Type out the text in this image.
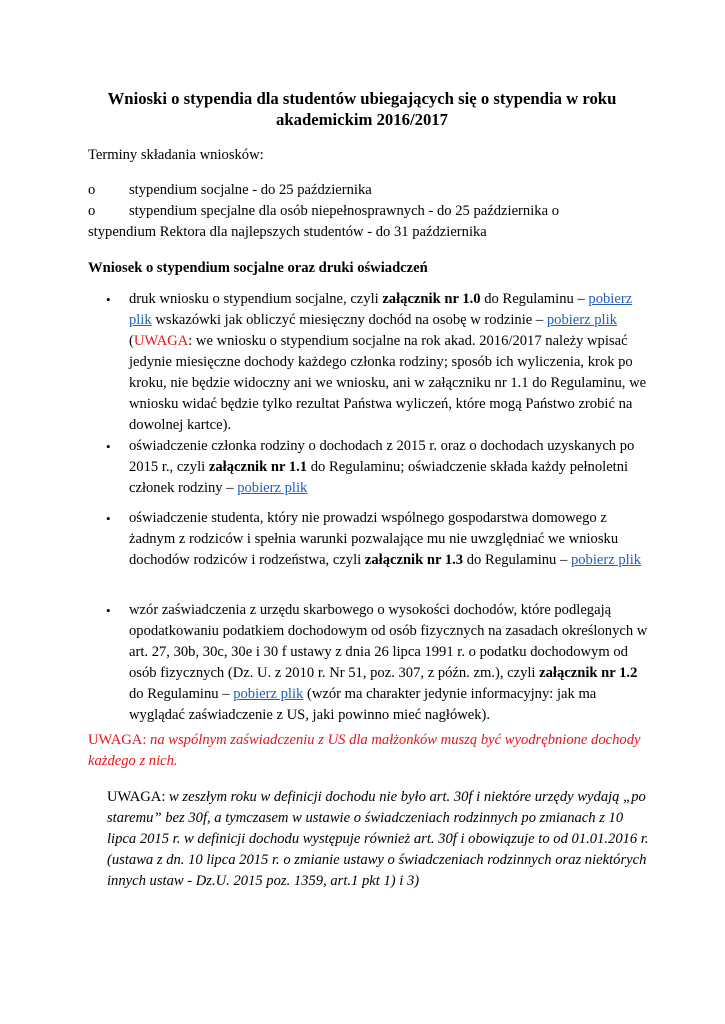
Wnioski o stypendia dla studentów ubiegających się o stypendia w roku akademickim 2016/2017

Terminy składania wniosków:

o stypendium socjalne - do 25 października
o stypendium specjalne dla osób niepełnosprawnych - do 25 października o
stypendium Rektora dla najlepszych studentów - do 31 października

Wniosek o stypendium socjalne oraz druki oświadczeń

• druk wniosku o stypendium socjalne, czyli załącznik nr 1.0 do Regulaminu – pobierz plik wskazówki jak obliczyć miesięczny dochód na osobę w rodzinie – pobierz plik (UWAGA: we wniosku o stypendium socjalne na rok akad. 2016/2017 należy wpisać jedynie miesięczne dochody każdego członka rodziny; sposób ich wyliczenia, krok po kroku, nie będzie widoczny ani we wniosku, ani w załączniku nr 1.1 do Regulaminu, we wniosku widać będzie tylko rezultat Państwa wyliczeń, które mogą Państwo zrobić na dowolnej kartce).

• oświadczenie członka rodziny o dochodach z 2015 r. oraz o dochodach uzyskanych po 2015 r., czyli załącznik nr 1.1 do Regulaminu; oświadczenie składa każdy pełnoletni członek rodziny – pobierz plik

• oświadczenie studenta, który nie prowadzi wspólnego gospodarstwa domowego z żadnym z rodziców i spełnia warunki pozwalające mu nie uwzględniać we wniosku dochodów rodziców i rodzeństwa, czyli załącznik nr 1.3 do Regulaminu – pobierz plik

• wzór zaświadczenia z urzędu skarbowego o wysokości dochodów, które podlegają opodatkowaniu podatkiem dochodowym od osób fizycznych na zasadach określonych w art. 27, 30b, 30c, 30e i 30 f ustawy z dnia 26 lipca 1991 r. o podatku dochodowym od osób fizycznych (Dz. U. z 2010 r. Nr 51, poz. 307, z późn. zm.), czyli załącznik nr 1.2 do Regulaminu – pobierz plik (wzór ma charakter jedynie informacyjny: jak ma wyglądać zaświadczenie z US, jaki powinno mieć nagłówek).

UWAGA: na wspólnym zaświadczeniu z US dla małżonków muszą być wyodrębnione dochody każdego z nich.

UWAGA: w zeszłym roku w definicji dochodu nie było art. 30f i niektóre urzędy wydają „po staremu” bez 30f, a tymczasem w ustawie o świadczeniach rodzinnych po zmianach z 10 lipca 2015 r. w definicji dochodu występuje również art. 30f i obowiązuje to od 01.01.2016 r. (ustawa z dn. 10 lipca 2015 r. o zmianie ustawy o świadczeniach rodzinnych oraz niektórych innych ustaw - Dz.U. 2015 poz. 1359, art.1 pkt 1) i 3)
